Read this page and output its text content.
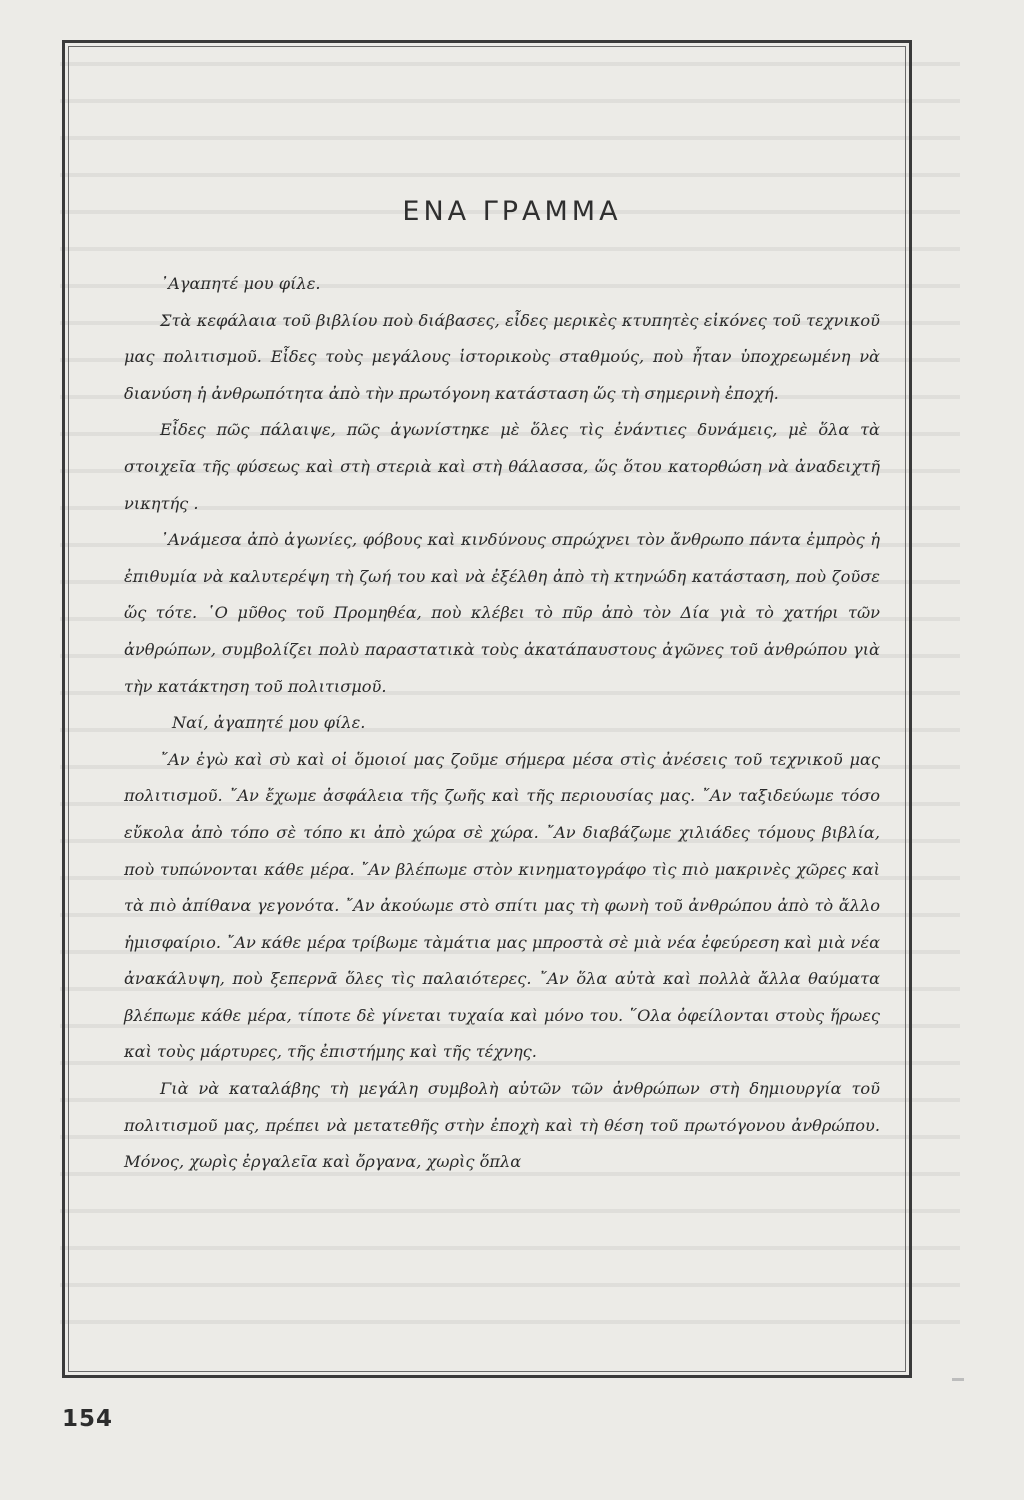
ΕΝΑ ΓΡΑΜΜΑ

᾿Αγαπητέ μου φίλε.

Στὰ κεφάλαια τοῦ βιβλίου ποὺ διάβασες, εἶδες μερικὲς κτυπητὲς εἰκόνες τοῦ τεχνικοῦ μας πολιτισμοῦ. Εἶδες τοὺς μεγάλους ἱστορικοὺς σταθμούς, ποὺ ἦταν ὑποχρεωμένη νὰ διανύση ἡ ἀνθρωπότητα ἀπὸ τὴν πρωτόγονη κατάσταση ὥς τὴ σημερινὴ ἐποχή.

Εἶδες πῶς πάλαιψε, πῶς ἀγωνίστηκε μὲ ὅλες τὶς ἐνάντιες δυνάμεις, μὲ ὅλα τὰ στοιχεῖα τῆς φύσεως καὶ στὴ στεριὰ καὶ στὴ θάλασσα, ὥς ὅτου κατορθώση νὰ ἀναδειχτῆ νικητής .

᾿Ανάμεσα ἀπὸ ἀγωνίες, φόβους καὶ κινδύνους σπρώχνει τὸν ἄνθρωπο πάντα ἐμπρὸς ἡ ἐπιθυμία νὰ καλυτερέψη τὴ ζωή του καὶ νὰ ἐξέλθη ἀπὸ τὴ κτηνώδη κατάσταση, ποὺ ζοῦσε ὥς τότε. ῾Ο μῦθος τοῦ Προμηθέα, ποὺ κλέβει τὸ πῦρ ἀπὸ τὸν Δία γιὰ τὸ χατήρι τῶν ἀνθρώπων, συμβολίζει πολὺ παραστατικὰ τοὺς ἀκατάπαυστους ἀγῶνες τοῦ ἀνθρώπου γιὰ τὴν κατάκτηση τοῦ πολιτισμοῦ.

Ναί, ἀγαπητέ μου φίλε.

῎Αν ἐγὼ καὶ σὺ καὶ οἱ ὅμοιοί μας ζοῦμε σήμερα μέσα στὶς ἀνέσεις τοῦ τεχνικοῦ μας πολιτισμοῦ. ῎Αν ἔχωμε ἀσφάλεια τῆς ζωῆς καὶ τῆς περιουσίας μας. ῎Αν ταξιδεύωμε τόσο εὔκολα ἀπὸ τόπο σὲ τόπο κι ἀπὸ χώρα σὲ χώρα. ῎Αν διαβάζωμε χιλιάδες τόμους βιβλία, ποὺ τυπώνονται κάθε μέρα. ῎Αν βλέπωμε στὸν κινηματογράφο τὶς πιὸ μακρινὲς χῶρες καὶ τὰ πιὸ ἀπίθανα γεγονότα. ῎Αν ἀκούωμε στὸ σπίτι μας τὴ φωνὴ τοῦ ἀνθρώπου ἀπὸ τὸ ἄλλο ἡμισφαίριο. ῎Αν κάθε μέρα τρίβωμε τὰμάτια μας μπροστὰ σὲ μιὰ νέα ἐφεύρεση καὶ μιὰ νέα ἀνακάλυψη, ποὺ ξεπερνᾶ ὅλες τὶς παλαιότερες. ῎Αν ὅλα αὐτὰ καὶ πολλὰ ἄλλα θαύματα βλέπωμε κάθε μέρα, τίποτε δὲ γίνεται τυχαία καὶ μόνο του. ῞Ολα ὀφείλονται στοὺς ἥρωες καὶ τοὺς μάρτυρες, τῆς ἐπιστήμης καὶ τῆς τέχνης.

Γιὰ νὰ καταλάβης τὴ μεγάλη συμβολὴ αὐτῶν τῶν ἀνθρώπων στὴ δημιουργία τοῦ πολιτισμοῦ μας, πρέπει νὰ μετατεθῆς στὴν ἐποχὴ καὶ τὴ θέση τοῦ πρωτόγονου ἀνθρώπου. Μόνος, χωρὶς ἐργαλεῖα καὶ ὄργανα, χωρὶς ὅπλα

154
